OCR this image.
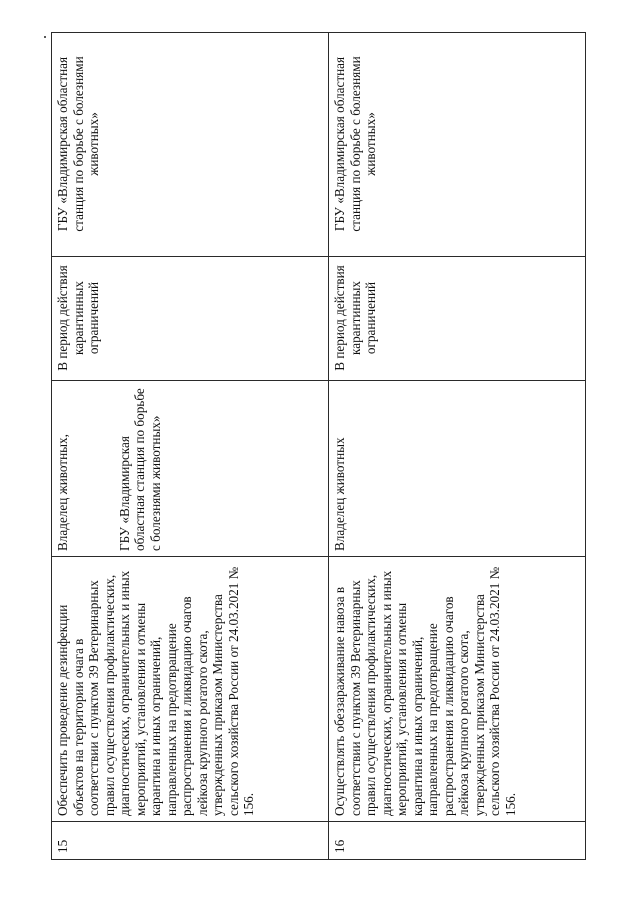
15	Обеспечить проведение дезинфекции объектов на территории очага в соответствии с пунктом 39 Ветеринарных правил осуществления профилактических, диагностических, ограничительных и иных мероприятий, установления и отмены карантина и иных ограничений, направленных на предотвращение распространения и ликвидацию очагов лейкоза крупного рогатого скота, утвержденных приказом Министерства сельского хозяйства России от 24.03.2021 № 156.	Владелец животных, ГБУ «Владимирская областная станция по борьбе с болезнями животных»	В период действия карантинных ограничений	ГБУ «Владимирская областная станция по борьбе с болезнями животных»
16	Осуществлять обеззараживание навоза в соответствии с пунктом 39 Ветеринарных правил осуществления профилактических, диагностических, ограничительных и иных мероприятий, установления и отмены карантина и иных ограничений, направленных на предотвращение распространения и ликвидацию очагов лейкоза крупного рогатого скота, утвержденных приказом Министерства сельского хозяйства России от 24.03.2021 № 156.	Владелец животных	В период действия карантинных ограничений	ГБУ «Владимирская областная станция по борьбе с болезнями животных»
